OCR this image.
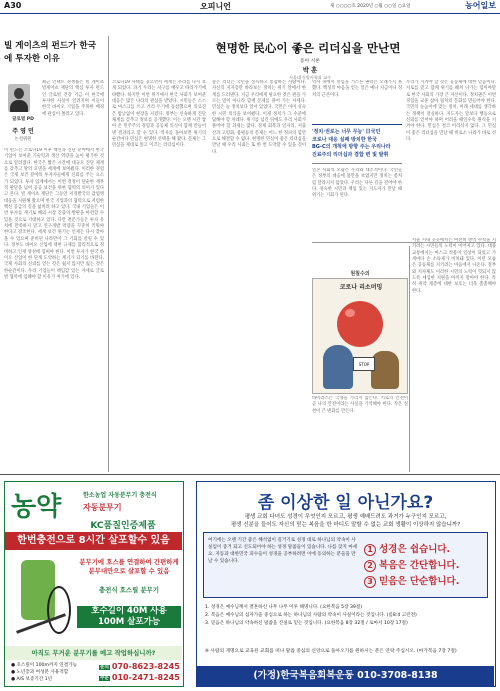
A30	오피니언	제 ○○○○호 2020년 ○월 ○○일 ○요일	농어일보
빌 게이츠의 펀드가 한국에 투자한 이유
글로벌 PD
주 영 민
논설위원
최근 언택트 경쟁률은 빌 게이츠 빌게이츠 재단의 핵심 투자 펀드인 글로벌 건강 기금 이 한국에 투자한 사실이 알려지며 이들이 한국 바이오 기업을 주목한 배경에 관심이 쏠리고 있다.
이 펀드는 코로나19 이후 백신과 진단 분야에서 한국 기업이 보여준 기술력과 생산 역량을 높이 평가한 것으로 알려졌다. 한국은 짧은 시간에 대규모 진단 체계를 갖추고 방역 모델을 세계에 보여줬다. 이러한 경험은 국제 보건 분야의 투자자들에게 신뢰를 주는 요소가 되었다. 투자 업계에서는 이번 결정이 단순한 재무적 판단을 넘어 공공 보건을 위한 협력의 의미가 있다고 본다. 빌 게이츠 재단은 그동안 저개발국의 감염병 대응을 지원해 왔으며 한국 기업과의 협력으로 저렴한 백신 공급의 길을 넓히려 하고 있다. 국내 기업들은 이번 투자를 계기로 해외 시장 진출의 발판을 마련할 수 있을 것으로 기대하고 있다. 다만 전문가들은 투자 유치에 만족하지 말고 연구개발 역량을 꾸준히 키워야 한다고 강조한다. 세계 보건 위기는 언제든 다시 찾아올 수 있으며 준비된 나라만이 그 기회를 살릴 수 있다. 정부도 바이오 산업에 대한 규제를 합리적으로 정비하고 인재 양성에 힘써야 한다. 이번 투자가 한국 바이오 산업이 한 단계 도약하는 계기가 되기를 바란다. 국제 사회의 신뢰를 얻는 것은 쉽지 않지만 잃는 것은 한순간이다. 우리 기업들이 책임감 있는 자세로 글로벌 협력에 임해야 할 이유가 여기에 있다.
현명한 民心이 좋은 리더십을 만난면
동아 시론
박 훈
서울대 동양사학과 교수
코로나19 사태를 겪으면서 세계는 우리를 다시 보게 되었다. 과거 우리는 서구를 배우고 따라가기에 바빴다. 하지만 이번 위기에서 한국 사회가 보여준 대응은 많은 나라의 관심을 받았다. 시민들은 스스로 마스크를 쓰고 거리 두기에 동참했으며 의료진은 밤낮없이 현장을 지켰다. 정부는 신속하게 진단 체계를 갖추고 정보를 공개했다. 이는 오랜 시간 쌓아 온 민주주의 경험과 공동체 의식이 함께 만들어 낸 결과라고 할 수 있다. 역사를 돌아보면 위기의 순간마다 민심은 현명한 선택을 해 왔다. 문제는 그 민심을 제대로 읽고 이끄는 리더십이다.
좋은 리더는 국민을 설득하고 통합하는 사람이다. 자신의 지지층만 바라보는 정치는 위기 앞에서 한계를 드러낸다. 지금 우리에게 필요한 것은 편을 가르는 말이 아니라 함께 문제를 풀어 가는 자세다. 민심은 늘 정치보다 앞서 있었다. 국민은 이미 성숙한 시민 의식을 보여줬다. 이제 정치가 그 수준에 답해야 할 차례다. 위기를 넘긴 뒤에도 우리 사회가 풀어야 할 과제는 많다. 경제 회복과 일자리, 저출산과 고령화, 불평등의 문제는 어느 한 정파의 힘만으로 해결할 수 없다. 현명한 민심이 좋은 리더십을 만날 때 우리 사회는 또 한 번 도약할 수 있을 것이다.
역사 속에서 민심을 거스른 권력은 오래가지 못했다. 백성의 마음을 얻는 일은 예나 지금이나 정치의 근본이다.
'정치·권로는 너무 무능' 日국민
코로나 대응 실패 방치한 한국
BG-C의 개척에 방향 주는 우리나라
진료주의 리더십과 결합 변 빛 발휘
일본 사회의 모습은 우리와 대조적이다. 국민들은 정부의 대응에 불만을 보였지만 정치는 좀처럼 달라지지 않았다. 우리는 다른 길을 걸어야 한다. 성숙한 시민과 책임 있는 지도자가 만날 때 위기는 기회가 된다.
우리가 지켜야 할 것은 공동체에 대한 믿음이다. 서로를 믿고 함께 위기를 헤쳐 나가는 힘이야말로 한국 사회의 가장 큰 자산이다. 정치권은 이번 경험을 교훈 삼아 협치의 문화를 만들어야 한다. 국민의 눈높이에 맞는 정치, 미래 세대를 생각하는 정책이 절실하다. 지도자는 말보다 행동으로 신뢰를 얻어야 하며 어려울 때일수록 원칙을 지켜야 한다. 민심은 결코 어리석지 않다. 그 민심이 좋은 리더십을 만날 때 비로소 나라가 바로 선다.
원칠수의
코로나 리소머밍
STOP
바이러스는 국경을 가리지 않는다. 서로의 안전이 곧 나의 안전이라는 사실을 기억해야 한다. 작은 실천이 큰 변화를 만든다.
서울 시내 곳곳에서는 여전히 방역 수칙을 지키려는 시민들의 노력이 이어지고 있다. 대중교통에서는 마스크 착용이 일상이 되었고 가게마다 손 소독제가 비치돼 있다. 이런 모습은 공동체를 지키려는 마음에서 나온다. 정부와 지자체도 이러한 시민의 노력이 헛되지 않도록 세심한 지원을 아끼지 말아야 한다. 특히 취약 계층에 대한 보호는 더욱 촘촘해야 한다.
농약	한소농업 자동분무기 충전식
자동분무기
KC품질인증제품
한번충전으로 8시간 살포할수 있음
분무기에 호스를 연결하여 간편하게 분무대만으로 살포할 수 있음
충전식 호스릴 분무기
호수길이 40M 사용 100M 살포가능
아직도 무거운 분무기를 메고 작업하십니까?
● 호스릴이 100m까지 연결가능
● 노년층과 여성분 사용적합
● A/S 보증기간 1년
문의 070-8623-8245
주문 010-2471-8245
좀 이상한 일 아닌가요?
평생 교회 다녀도 성경이 무엇인지 모르고, 평생 예배드려도 과거가 누구인지 모르고,
평생 신분을 들어도 자신의 믿는 복음을 한 마디도 말할 수 없는 교회 생활이 이상하지 않습니까?
여기에는 오랜 기간 좋은 해석없이 길거기로 성경 대로 하나님의 약속이 사실임이 증거 되고 신도되어야 하는 성경 말씀들이 있습니다. 나를 찾지 마세요. 자동과 대한민국 피수들이 성경을 공부하려면 이에 동의하는 분들을 만날 수 있습니다.
1 성경은 쉽습니다.
2 복음은 간단합니다.
3 믿음은 단순합니다.
1. 성경은 예수님께서 결혼하신 나무 나무 이루 해명니다. (요한복음 5장 39절)
2. 복음은 예수님의 십자가을 중심으로 하는 하나님의 사람의 약속이 사실이라는 것입니다. (롬8:4 고린전)
3. 믿음은 하나님의 약속하신 말씀을 진실로 믿는 것입니다. (요한복음 8장 32절 / 로마서 10장 17절)
※ 사람의 게명으로 교육된 교회를 떠나 말씀 중심의 신앙으로 돌아오기를 원하시는 분은 연락 주십시오. (마가복음 7장 7절)
(가정)한국복음회복운동 010-3708-8138
